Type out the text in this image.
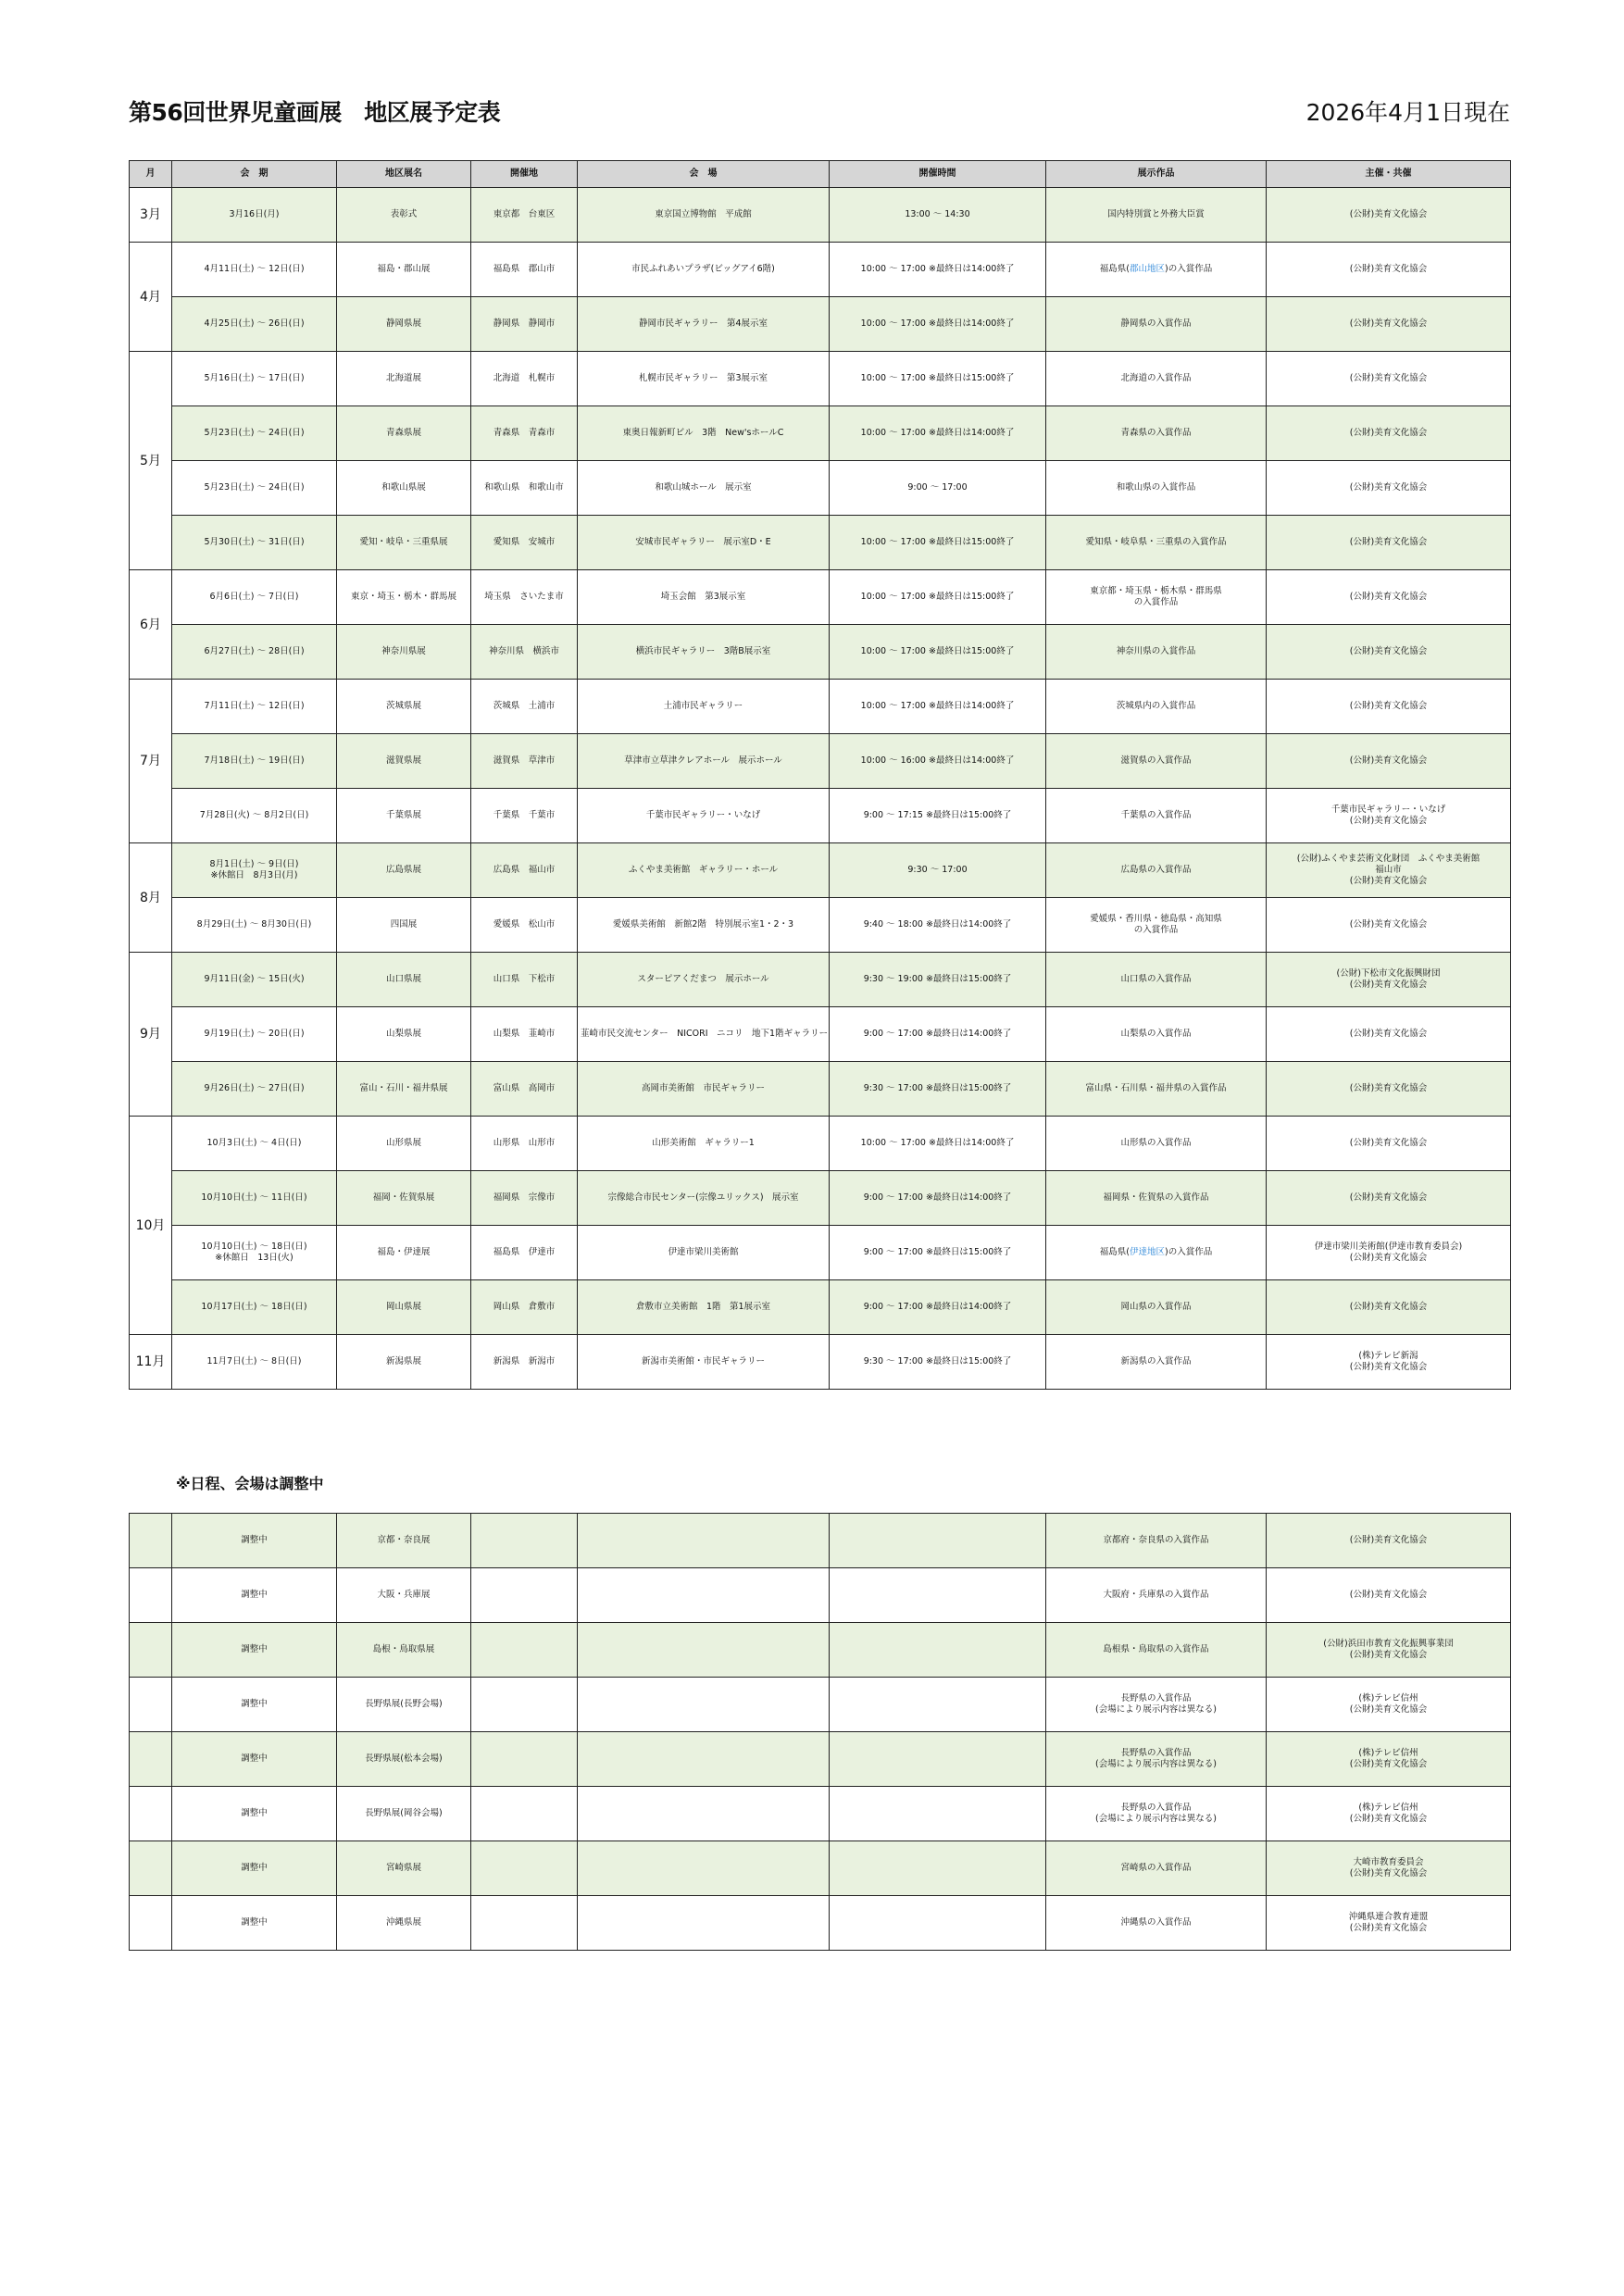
第56回世界児童画展　地区展予定表	2026年4月1日現在
月	会　期	地区展名	開催地	会　場	開催時間	展示作品	主催・共催
3月	3月16日(月)	表彰式	東京都　台東区	東京国立博物館　平成館	13:00 ～ 14:30	国内特別賞と外務大臣賞	(公財)美育文化協会
4月	4月11日(土) ～ 12日(日)	福島・郡山展	福島県　郡山市	市民ふれあいプラザ(ビッグアイ6階)	10:00 ～ 17:00 ※最終日は14:00終了	福島県(郡山地区)の入賞作品	(公財)美育文化協会
	4月25日(土) ～ 26日(日)	静岡県展	静岡県　静岡市	静岡市民ギャラリー　第4展示室	10:00 ～ 17:00 ※最終日は14:00終了	静岡県の入賞作品	(公財)美育文化協会
5月	5月16日(土) ～ 17日(日)	北海道展	北海道　札幌市	札幌市民ギャラリー　第3展示室	10:00 ～ 17:00 ※最終日は15:00終了	北海道の入賞作品	(公財)美育文化協会
	5月23日(土) ～ 24日(日)	青森県展	青森県　青森市	東奥日報新町ビル　3階　New'sホールC	10:00 ～ 17:00 ※最終日は14:00終了	青森県の入賞作品	(公財)美育文化協会
	5月23日(土) ～ 24日(日)	和歌山県展	和歌山県　和歌山市	和歌山城ホール　展示室	9:00 ～ 17:00	和歌山県の入賞作品	(公財)美育文化協会
	5月30日(土) ～ 31日(日)	愛知・岐阜・三重県展	愛知県　安城市	安城市民ギャラリー　展示室D・E	10:00 ～ 17:00 ※最終日は15:00終了	愛知県・岐阜県・三重県の入賞作品	(公財)美育文化協会
6月	6月6日(土) ～ 7日(日)	東京・埼玉・栃木・群馬展	埼玉県　さいたま市	埼玉会館　第3展示室	10:00 ～ 17:00 ※最終日は15:00終了	東京都・埼玉県・栃木県・群馬県
の入賞作品	(公財)美育文化協会
	6月27日(土) ～ 28日(日)	神奈川県展	神奈川県　横浜市	横浜市民ギャラリー　3階B展示室	10:00 ～ 17:00 ※最終日は15:00終了	神奈川県の入賞作品	(公財)美育文化協会
7月	7月11日(土) ～ 12日(日)	茨城県展	茨城県　土浦市	土浦市民ギャラリー	10:00 ～ 17:00 ※最終日は14:00終了	茨城県内の入賞作品	(公財)美育文化協会
	7月18日(土) ～ 19日(日)	滋賀県展	滋賀県　草津市	草津市立草津クレアホール　展示ホール	10:00 ～ 16:00 ※最終日は14:00終了	滋賀県の入賞作品	(公財)美育文化協会
	7月28日(火) ～ 8月2日(日)	千葉県展	千葉県　千葉市	千葉市民ギャラリー・いなげ	9:00 ～ 17:15 ※最終日は15:00終了	千葉県の入賞作品	千葉市民ギャラリー・いなげ
(公財)美育文化協会
8月	8月1日(土) ～ 9日(日)
※休館日　8月3日(月)	広島県展	広島県　福山市	ふくやま美術館　ギャラリー・ホール	9:30 ～ 17:00	広島県の入賞作品	(公財)ふくやま芸術文化財団　ふくやま美術館
福山市
(公財)美育文化協会
	8月29日(土) ～ 8月30日(日)	四国展	愛媛県　松山市	愛媛県美術館　新館2階　特別展示室1・2・3	9:40 ～ 18:00 ※最終日は14:00終了	愛媛県・香川県・徳島県・高知県
の入賞作品	(公財)美育文化協会
9月	9月11日(金) ～ 15日(火)	山口県展	山口県　下松市	スターピアくだまつ　展示ホール	9:30 ～ 19:00 ※最終日は15:00終了	山口県の入賞作品	(公財)下松市文化振興財団
(公財)美育文化協会
	9月19日(土) ～ 20日(日)	山梨県展	山梨県　韮崎市	韮崎市民交流センター　NICORI　ニコリ　地下1階ギャラリー	9:00 ～ 17:00 ※最終日は14:00終了	山梨県の入賞作品	(公財)美育文化協会
	9月26日(土) ～ 27日(日)	富山・石川・福井県展	富山県　高岡市	高岡市美術館　市民ギャラリー	9:30 ～ 17:00 ※最終日は15:00終了	富山県・石川県・福井県の入賞作品	(公財)美育文化協会
10月	10月3日(土) ～ 4日(日)	山形県展	山形県　山形市	山形美術館　ギャラリー1	10:00 ～ 17:00 ※最終日は14:00終了	山形県の入賞作品	(公財)美育文化協会
	10月10日(土) ～ 11日(日)	福岡・佐賀県展	福岡県　宗像市	宗像総合市民センター(宗像ユリックス)　展示室	9:00 ～ 17:00 ※最終日は14:00終了	福岡県・佐賀県の入賞作品	(公財)美育文化協会
	10月10日(土) ～ 18日(日)
※休館日　13日(火)	福島・伊達展	福島県　伊達市	伊達市梁川美術館	9:00 ～ 17:00 ※最終日は15:00終了	福島県(伊達地区)の入賞作品	伊達市梁川美術館(伊達市教育委員会)
(公財)美育文化協会
	10月17日(土) ～ 18日(日)	岡山県展	岡山県　倉敷市	倉敷市立美術館　1階　第1展示室	9:00 ～ 17:00 ※最終日は14:00終了	岡山県の入賞作品	(公財)美育文化協会
11月	11月7日(土) ～ 8日(日)	新潟県展	新潟県　新潟市	新潟市美術館・市民ギャラリー	9:30 ～ 17:00 ※最終日は15:00終了	新潟県の入賞作品	(株)テレビ新潟
(公財)美育文化協会
※日程、会場は調整中
	調整中	京都・奈良展				京都府・奈良県の入賞作品	(公財)美育文化協会
	調整中	大阪・兵庫展				大阪府・兵庫県の入賞作品	(公財)美育文化協会
	調整中	島根・鳥取県展				島根県・鳥取県の入賞作品	(公財)浜田市教育文化振興事業団
(公財)美育文化協会
	調整中	長野県展(長野会場)				長野県の入賞作品
(会場により展示内容は異なる)	(株)テレビ信州
(公財)美育文化協会
	調整中	長野県展(松本会場)				長野県の入賞作品
(会場により展示内容は異なる)	(株)テレビ信州
(公財)美育文化協会
	調整中	長野県展(岡谷会場)				長野県の入賞作品
(会場により展示内容は異なる)	(株)テレビ信州
(公財)美育文化協会
	調整中	宮崎県展				宮崎県の入賞作品	大崎市教育委員会
(公財)美育文化協会
	調整中	沖縄県展				沖縄県の入賞作品	沖縄県連合教育連盟
(公財)美育文化協会
